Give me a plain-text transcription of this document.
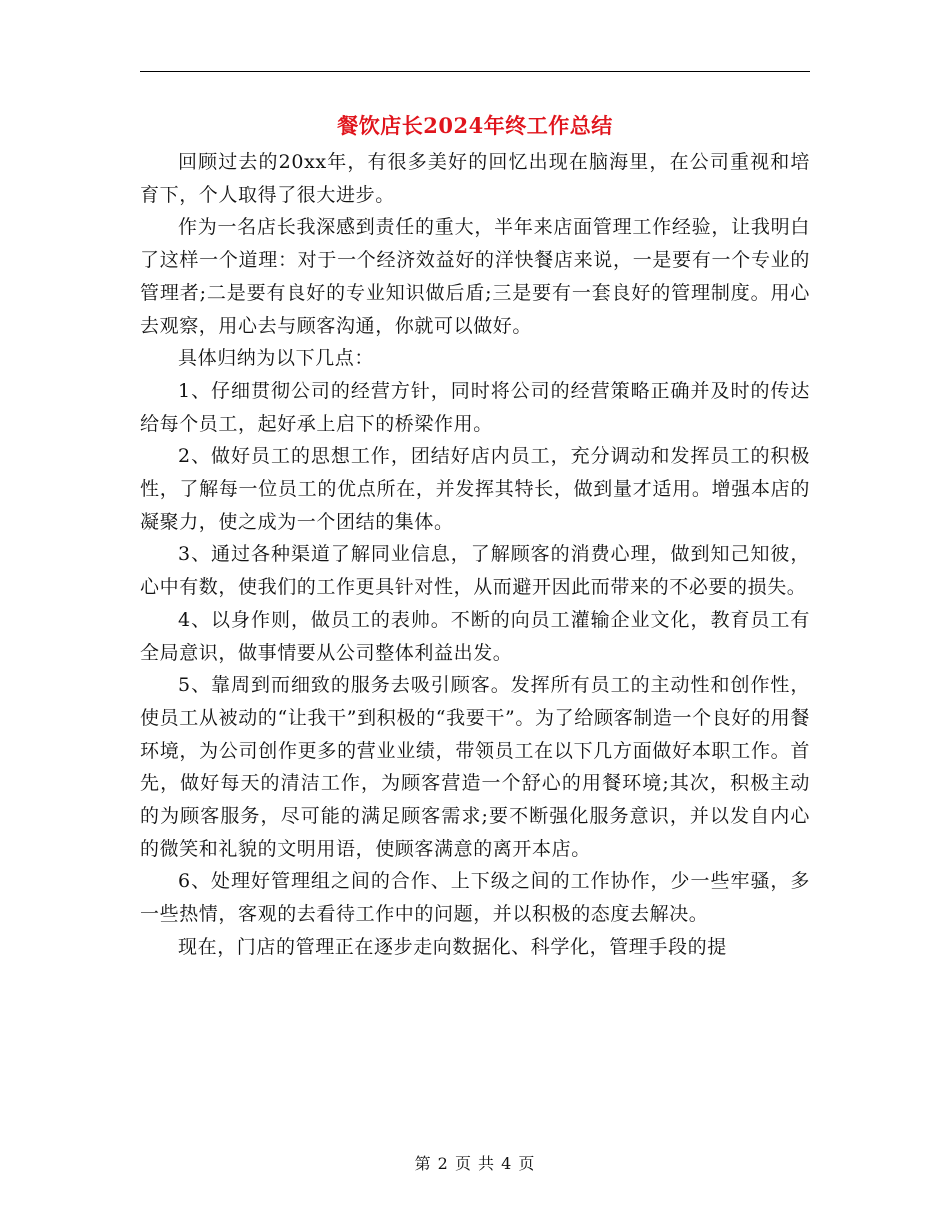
餐饮店长2024年终工作总结

回顾过去的20xx年，有很多美好的回忆出现在脑海里，在公司重视和培育下，个人取得了很大进步。

作为一名店长我深感到责任的重大，半年来店面管理工作经验，让我明白了这样一个道理：对于一个经济效益好的洋快餐店来说，一是要有一个专业的管理者;二是要有良好的专业知识做后盾;三是要有一套良好的管理制度。用心去观察，用心去与顾客沟通，你就可以做好。

具体归纳为以下几点：

1、仔细贯彻公司的经营方针，同时将公司的经营策略正确并及时的传达给每个员工，起好承上启下的桥梁作用。

2、做好员工的思想工作，团结好店内员工，充分调动和发挥员工的积极性，了解每一位员工的优点所在，并发挥其特长，做到量才适用。增强本店的凝聚力，使之成为一个团结的集体。

3、通过各种渠道了解同业信息，了解顾客的消费心理，做到知己知彼，心中有数，使我们的工作更具针对性，从而避开因此而带来的不必要的损失。

4、以身作则，做员工的表帅。不断的向员工灌输企业文化，教育员工有全局意识，做事情要从公司整体利益出发。

5、靠周到而细致的服务去吸引顾客。发挥所有员工的主动性和创作性，使员工从被动的“让我干”到积极的“我要干”。为了给顾客制造一个良好的用餐环境，为公司创作更多的营业业绩，带领员工在以下几方面做好本职工作。首先，做好每天的清洁工作，为顾客营造一个舒心的用餐环境;其次，积极主动的为顾客服务，尽可能的满足顾客需求;要不断强化服务意识，并以发自内心的微笑和礼貌的文明用语，使顾客满意的离开本店。

6、处理好管理组之间的合作、上下级之间的工作协作，少一些牢骚，多一些热情，客观的去看待工作中的问题，并以积极的态度去解决。

现在，门店的管理正在逐步走向数据化、科学化，管理手段的提

第 2 页 共 4 页
